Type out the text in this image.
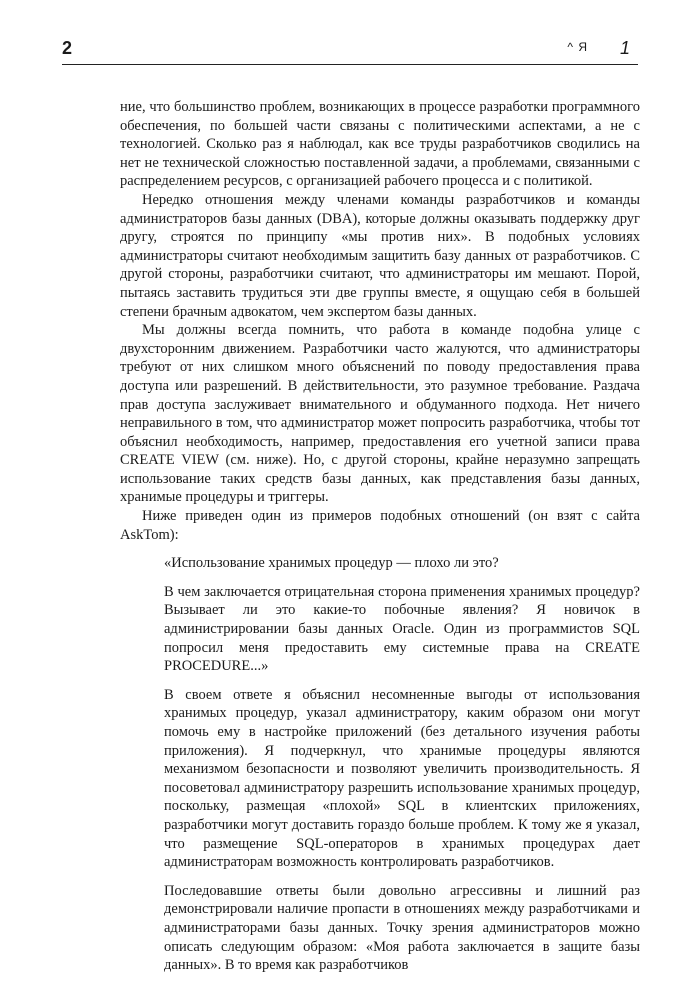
2	^ Я 1

ние, что большинство проблем, возникающих в процессе разработки программного обеспечения, по большей части связаны с политическими аспектами, а не с технологией. Сколько раз я наблюдал, как все труды разработчиков сводились на нет не технической сложностью поставленной задачи, а проблемами, связанными с распределением ресурсов, с организацией рабочего процесса и с политикой.

Нередко отношения между членами команды разработчиков и команды администраторов базы данных (DBA), которые должны оказывать поддержку друг другу, строятся по принципу «мы против них». В подобных условиях администраторы считают необходимым защитить базу данных от разработчиков. С другой стороны, разработчики считают, что администраторы им мешают. Порой, пытаясь заставить трудиться эти две группы вместе, я ощущаю себя в большей степени брачным адвокатом, чем экспертом базы данных.

Мы должны всегда помнить, что работа в команде подобна улице с двухсторонним движением. Разработчики часто жалуются, что администраторы требуют от них слишком много объяснений по поводу предоставления права доступа или разрешений. В действительности, это разумное требование. Раздача прав доступа заслуживает внимательного и обдуманного подхода. Нет ничего неправильного в том, что администратор может попросить разработчика, чтобы тот объяснил необходимость, например, предоставления его учетной записи права CREATE VIEW (см. ниже). Но, с другой стороны, крайне неразумно запрещать использование таких средств базы данных, как представления базы данных, хранимые процедуры и триггеры.

Ниже приведен один из примеров подобных отношений (он взят с сайта AskTom):

«Использование хранимых процедур — плохо ли это?

В чем заключается отрицательная сторона применения хранимых процедур? Вызывает ли это какие-то побочные явления? Я новичок в администрировании базы данных Oracle. Один из программистов SQL попросил меня предоставить ему системные права на CREATE PROCEDURE...»

В своем ответе я объяснил несомненные выгоды от использования хранимых процедур, указал администратору, каким образом они могут помочь ему в настройке приложений (без детального изучения работы приложения). Я подчеркнул, что хранимые процедуры являются механизмом безопасности и позволяют увеличить производительность. Я посоветовал администратору разрешить использование хранимых процедур, поскольку, размещая «плохой» SQL в клиентских приложениях, разработчики могут доставить гораздо больше проблем. К тому же я указал, что размещение SQL-операторов в хранимых процедурах дает администраторам возможность контролировать разработчиков.

Последовавшие ответы были довольно агрессивны и лишний раз демонстрировали наличие пропасти в отношениях между разработчиками и администраторами базы данных. Точку зрения администраторов можно описать следующим образом: «Моя работа заключается в защите базы данных». В то время как разработчиков
